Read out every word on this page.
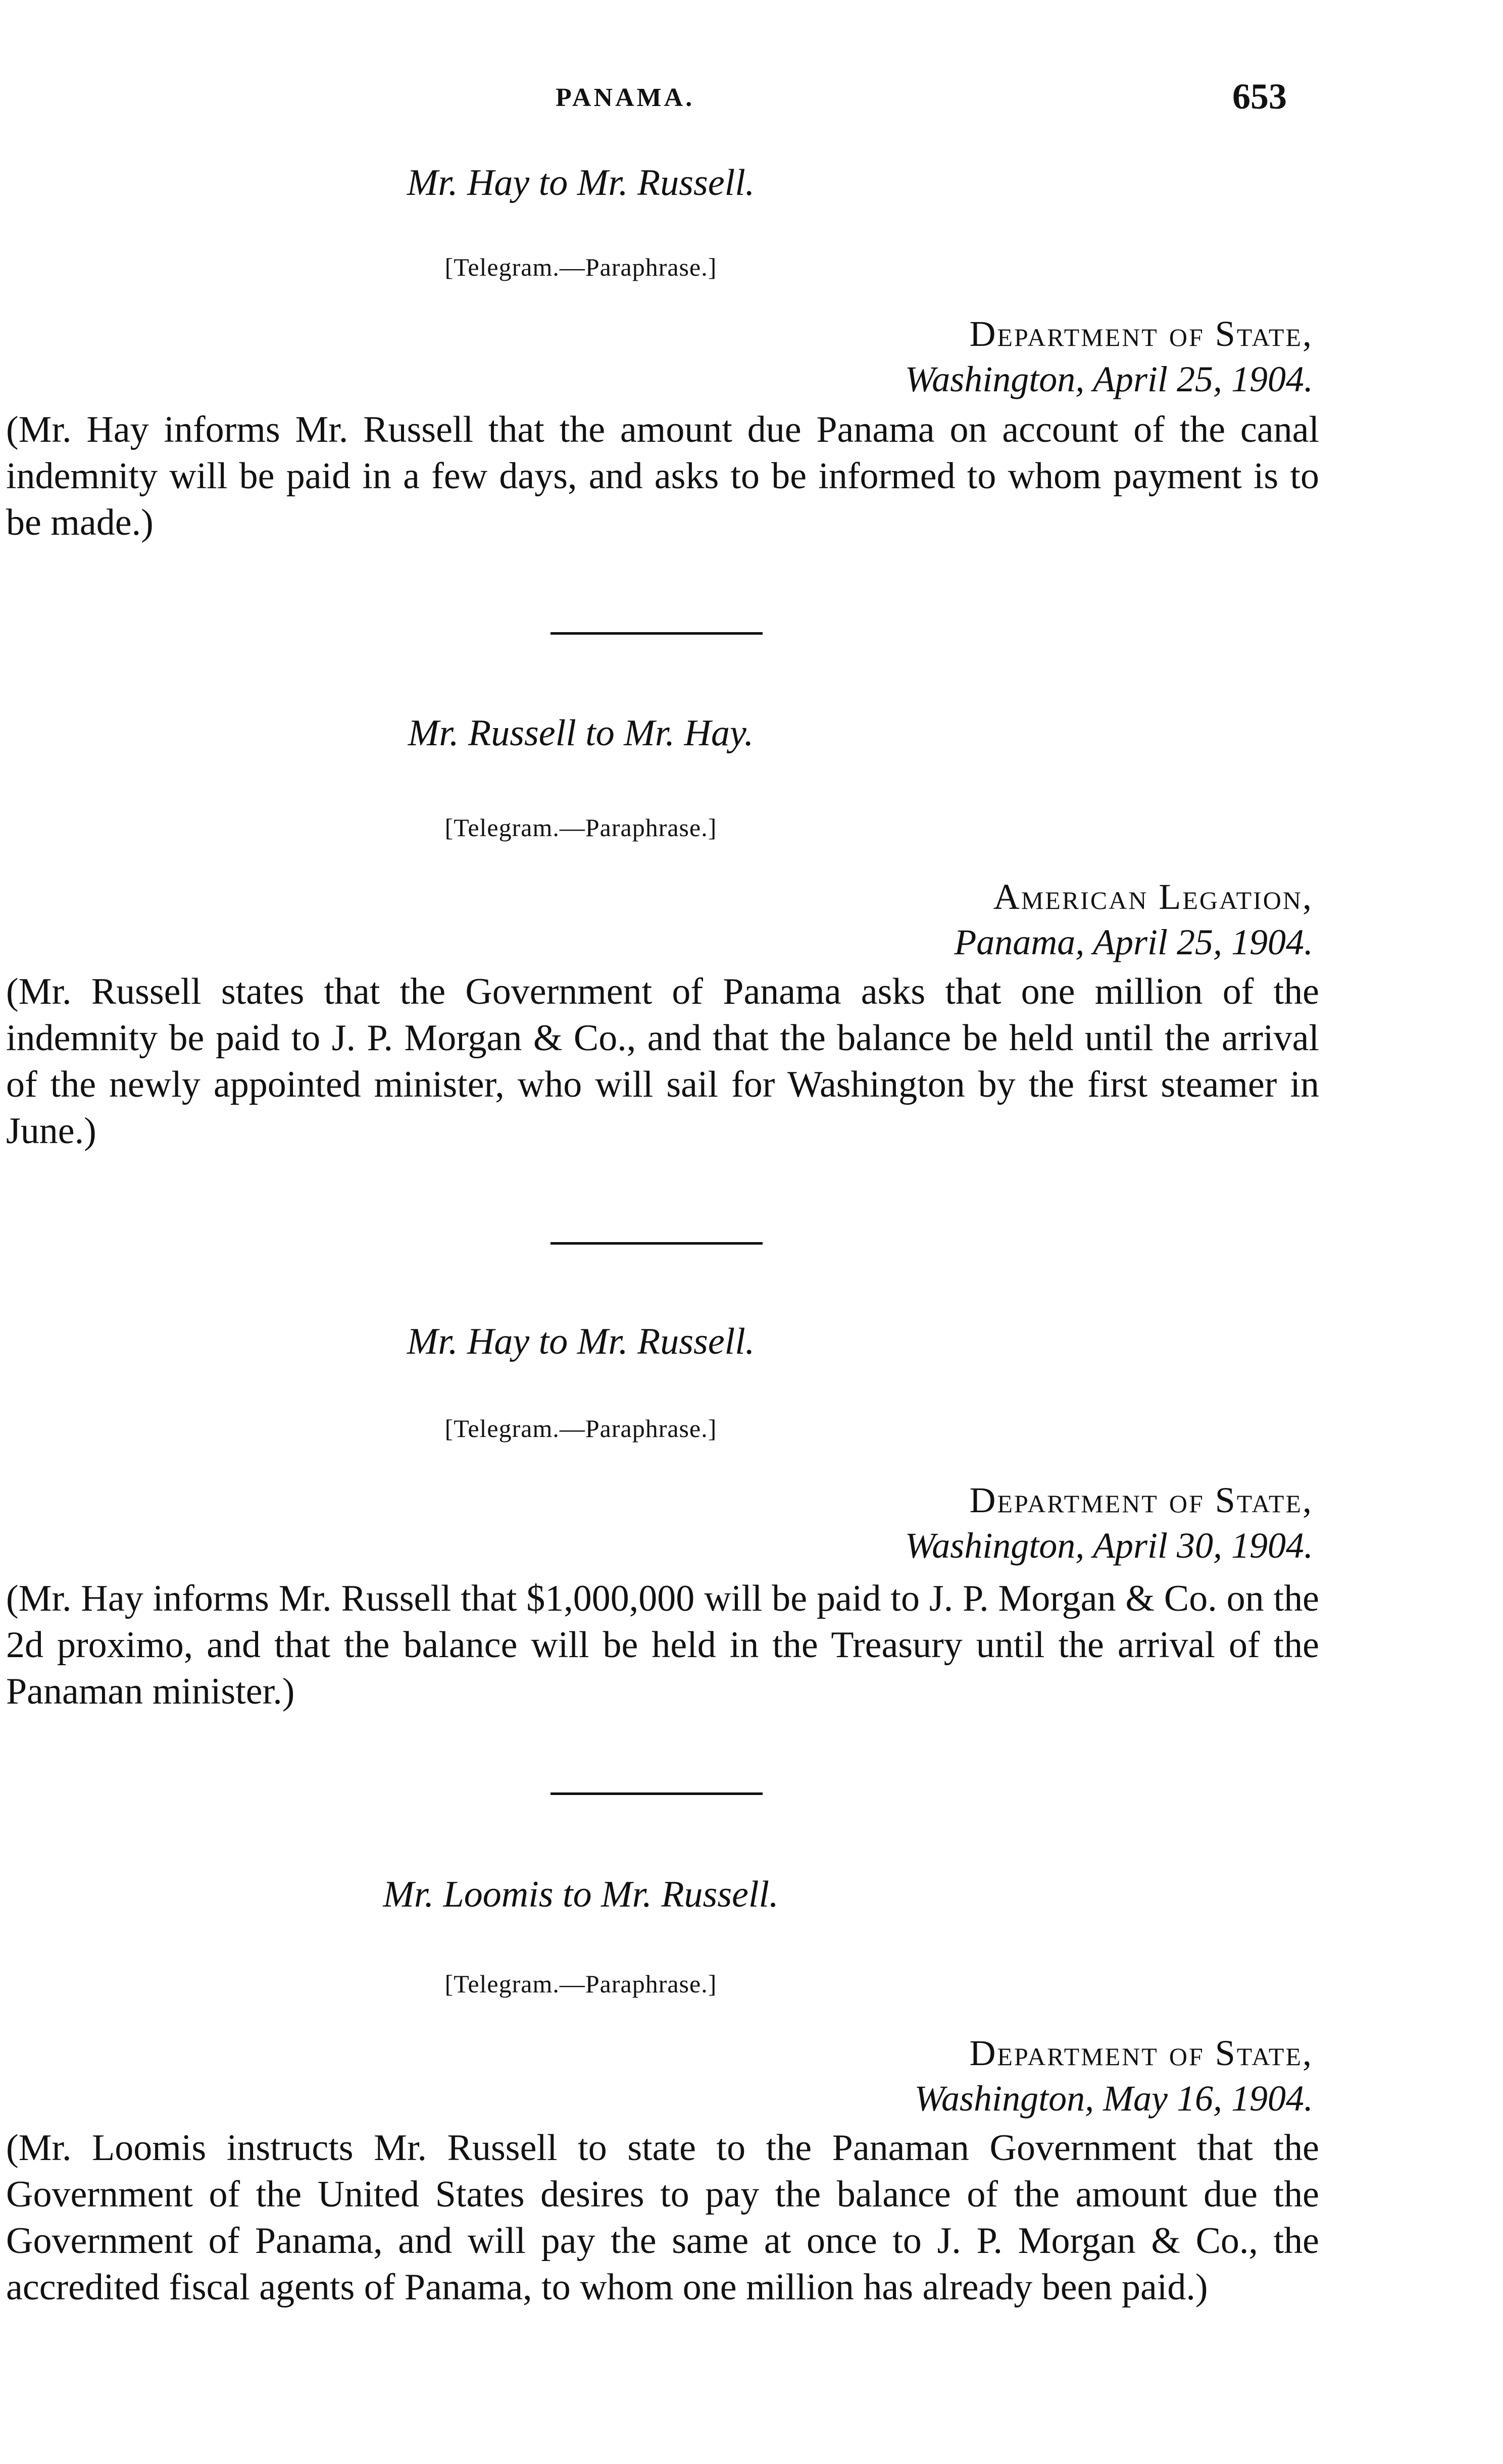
PANAMA.	653
Mr. Hay to Mr. Russell.
[Telegram.—Paraphrase.]
Department of State,
Washington, April 25, 1904.

(Mr. Hay informs Mr. Russell that the amount due Panama on account of the canal indemnity will be paid in a few days, and asks to be informed to whom payment is to be made.)

Mr. Russell to Mr. Hay.
[Telegram.—Paraphrase.]
American Legation,
Panama, April 25, 1904.

(Mr. Russell states that the Government of Panama asks that one million of the indemnity be paid to J. P. Morgan & Co., and that the balance be held until the arrival of the newly appointed minister, who will sail for Washington by the first steamer in June.)

Mr. Hay to Mr. Russell.
[Telegram.—Paraphrase.]
Department of State,
Washington, April 30, 1904.

(Mr. Hay informs Mr. Russell that $1,000,000 will be paid to J. P. Morgan & Co. on the 2d proximo, and that the balance will be held in the Treasury until the arrival of the Panaman minister.)

Mr. Loomis to Mr. Russell.
[Telegram.—Paraphrase.]
Department of State,
Washington, May 16, 1904.

(Mr. Loomis instructs Mr. Russell to state to the Panaman Government that the Government of the United States desires to pay the balance of the amount due the Government of Panama, and will pay the same at once to J. P. Morgan & Co., the accredited fiscal agents of Panama, to whom one million has already been paid.)
